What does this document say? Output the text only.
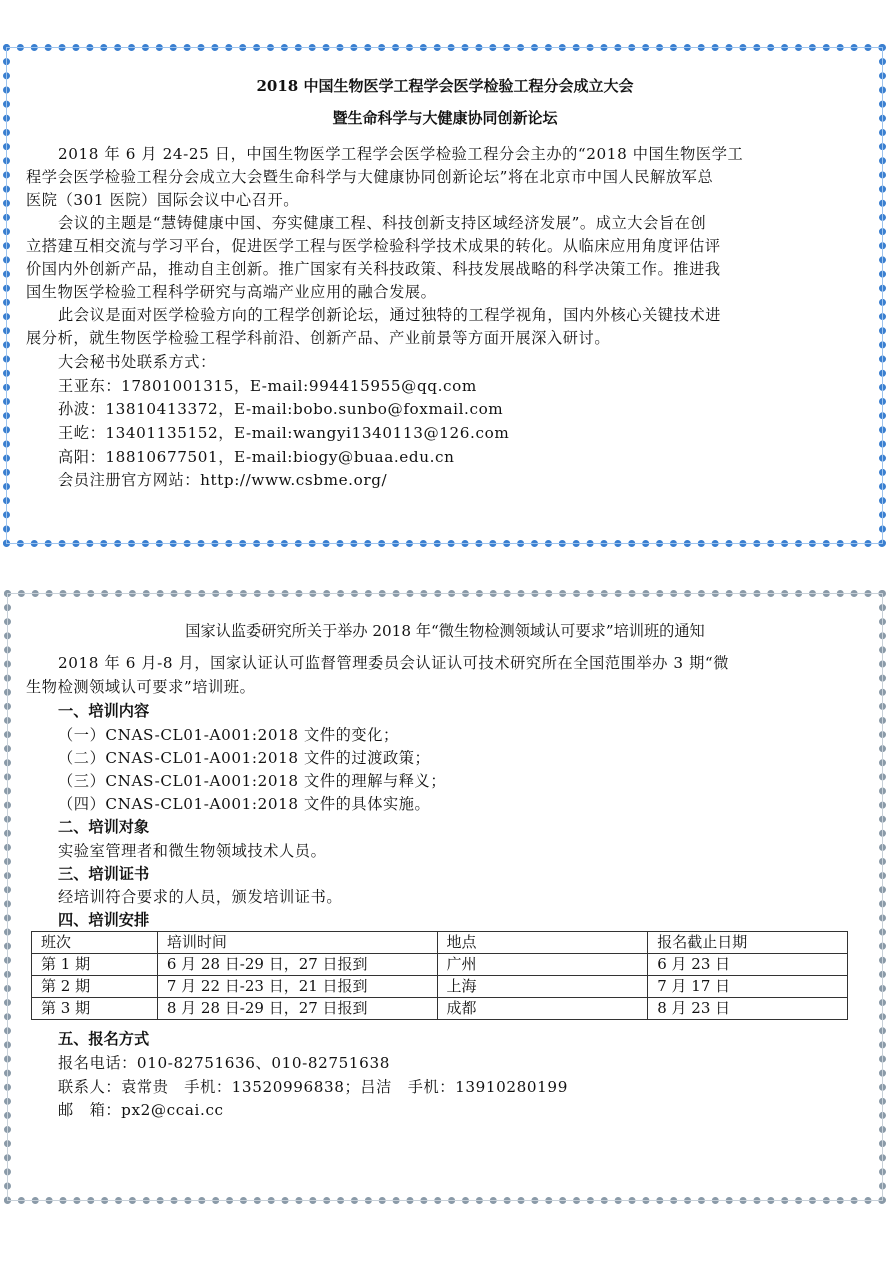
2018 中国生物医学工程学会医学检验工程分会成立大会
暨生命科学与大健康协同创新论坛
2018 年 6 月 24-25 日，中国生物医学工程学会医学检验工程分会主办的“2018 中国生物医学工
程学会医学检验工程分会成立大会暨生命科学与大健康协同创新论坛”将在北京市中国人民解放军总
医院（301 医院）国际会议中心召开。
会议的主题是“慧铸健康中国、夯实健康工程、科技创新支持区域经济发展”。成立大会旨在创
立搭建互相交流与学习平台，促进医学工程与医学检验科学技术成果的转化。从临床应用角度评估评
价国内外创新产品，推动自主创新。推广国家有关科技政策、科技发展战略的科学决策工作。推进我
国生物医学检验工程科学研究与高端产业应用的融合发展。
此会议是面对医学检验方向的工程学创新论坛，通过独特的工程学视角，国内外核心关键技术进
展分析，就生物医学检验工程学科前沿、创新产品、产业前景等方面开展深入研讨。
大会秘书处联系方式：
王亚东：17801001315，E-mail:994415955@qq.com
孙波：13810413372，E-mail:bobo.sunbo@foxmail.com
王屹：13401135152，E-mail:wangyi1340113@126.com
高阳：18810677501，E-mail:biogy@buaa.edu.cn
会员注册官方网站：http://www.csbme.org/
国家认监委研究所关于举办 2018 年“微生物检测领域认可要求”培训班的通知
2018 年 6 月-8 月，国家认证认可监督管理委员会认证认可技术研究所在全国范围举办 3 期“微
生物检测领域认可要求”培训班。
一、培训内容
（一）CNAS-CL01-A001:2018 文件的变化；
（二）CNAS-CL01-A001:2018 文件的过渡政策；
（三）CNAS-CL01-A001:2018 文件的理解与释义；
（四）CNAS-CL01-A001:2018 文件的具体实施。
二、培训对象
实验室管理者和微生物领域技术人员。
三、培训证书
经培训符合要求的人员，颁发培训证书。
四、培训安排
班次	培训时间	地点	报名截止日期
第 1 期	6 月 28 日-29 日，27 日报到	广州	6 月 23 日
第 2 期	7 月 22 日-23 日，21 日报到	上海	7 月 17 日
第 3 期	8 月 28 日-29 日，27 日报到	成都	8 月 23 日
五、报名方式
报名电话：010-82751636、010-82751638
联系人：袁常贵　手机：13520996838；吕洁　手机：13910280199
邮　箱：px2@ccai.cc
